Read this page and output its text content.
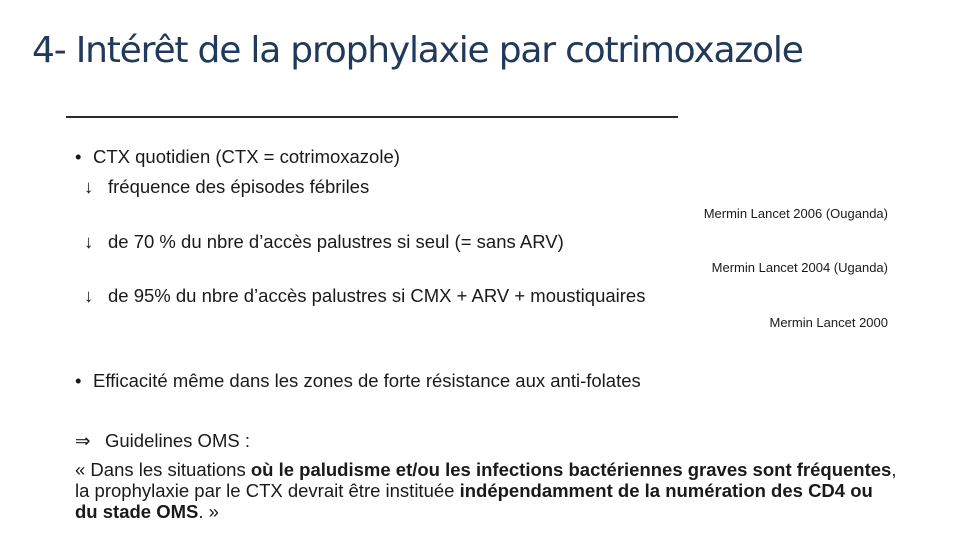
4- Intérêt de la prophylaxie par cotrimoxazole
• CTX quotidien (CTX = cotrimoxazole)
↓ fréquence des épisodes fébriles
Mermin Lancet 2006 (Ouganda)
↓ de 70 % du nbre d’accès palustres si seul (= sans ARV)
Mermin Lancet 2004 (Uganda)
↓ de 95% du nbre d’accès palustres si CMX + ARV + moustiquaires
Mermin Lancet 2000
• Efficacité même dans les zones de forte résistance aux anti-folates
⇒ Guidelines OMS :
« Dans les situations où le paludisme et/ou les infections bactériennes graves sont fréquentes, la prophylaxie par le CTX devrait être instituée indépendamment de la numération des CD4 ou du stade OMS. »
